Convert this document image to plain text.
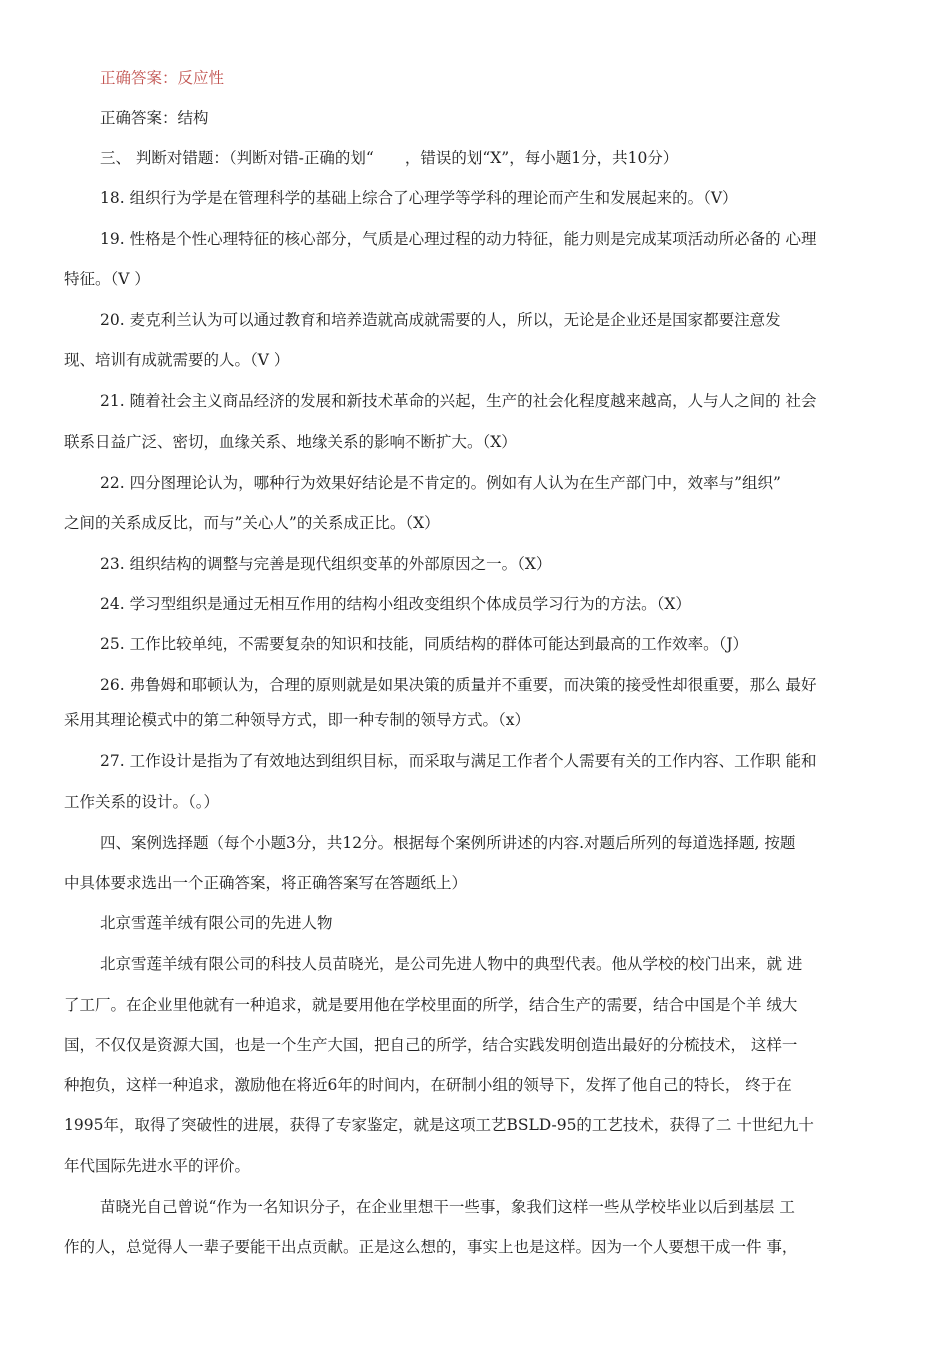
正确答案：反应性
正确答案：结构
三、 判断对错题：（判断对错-正确的划“　　，错误的划“X”，每小题1分，共10分）
18. 组织行为学是在管理科学的基础上综合了心理学等学科的理论而产生和发展起来的。（V）
19. 性格是个性心理特征的核心部分，气质是心理过程的动力特征，能力则是完成某项活动所必备的 心理
特征。（V ）
20. 麦克利兰认为可以通过教育和培养造就高成就需要的人，所以，无论是企业还是国家都要注意发
现、培训有成就需要的人。（V ）
21. 随着社会主义商品经济的发展和新技术革命的兴起，生产的社会化程度越来越高，人与人之间的 社会
联系日益广泛、密切，血缘关系、地缘关系的影响不断扩大。（X）
22. 四分图理论认为，哪种行为效果好结论是不肯定的。例如有人认为在生产部门中，效率与”组织”
之间的关系成反比，而与”关心人”的关系成正比。（X）
23. 组织结构的调整与完善是现代组织变革的外部原因之一。（X）
24. 学习型组织是通过无相互作用的结构小组改变组织个体成员学习行为的方法。（X）
25. 工作比较单纯，不需要复杂的知识和技能，同质结构的群体可能达到最高的工作效率。（J）
26. 弗鲁姆和耶顿认为，合理的原则就是如果决策的质量并不重要，而决策的接受性却很重要，那么 最好
采用其理论模式中的第二种领导方式，即一种专制的领导方式。（x）
27. 工作设计是指为了有效地达到组织目标，而采取与满足工作者个人需要有关的工作内容、工作职 能和
工作关系的设计。（。）
四、案例选择题（每个小题3分，共12分。根据每个案例所讲述的内容.对题后所列的每道选择题, 按题
中具体要求选出一个正确答案，将正确答案写在答题纸上）
北京雪莲羊绒有限公司的先进人物
北京雪莲羊绒有限公司的科技人员苗晓光，是公司先进人物中的典型代表。他从学校的校门出来，就 进
了工厂。在企业里他就有一种追求，就是要用他在学校里面的所学，结合生产的需要，结合中国是个羊 绒大
国，不仅仅是资源大国，也是一个生产大国，把自己的所学，结合实践发明创造出最好的分梳技术， 这样一
种抱负，这样一种追求，激励他在将近6年的时间内，在研制小组的领导下，发挥了他自己的特长， 终于在
1995年，取得了突破性的进展，获得了专家鉴定，就是这项工艺BSLD-95的工艺技术，获得了二 十世纪九十
年代国际先进水平的评价。
苗晓光自己曾说“作为一名知识分子，在企业里想干一些事，象我们这样一些从学校毕业以后到基层 工
作的人，总觉得人一辈子要能干出点贡献。正是这么想的，事实上也是这样。因为一个人要想干成一件 事，
